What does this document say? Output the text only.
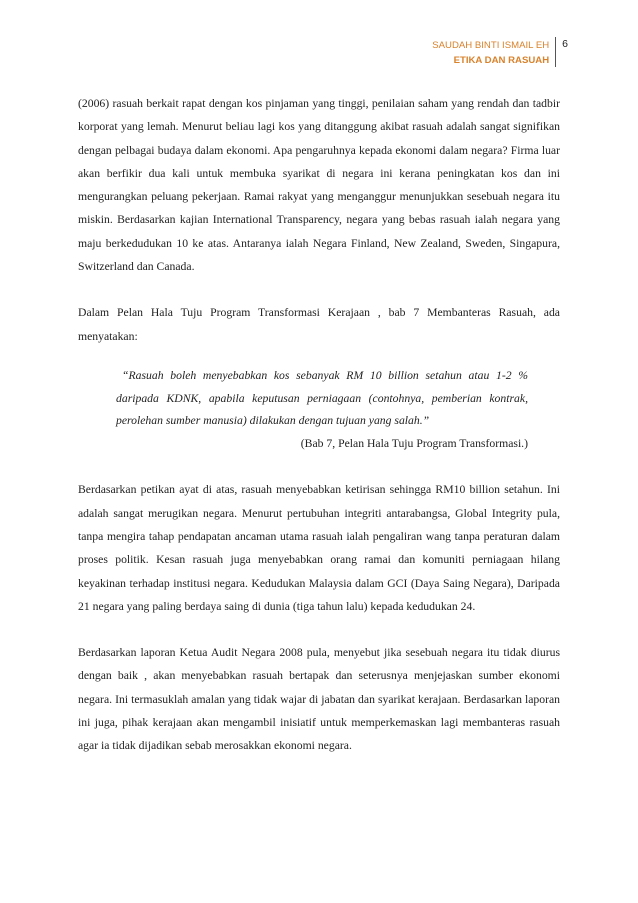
SAUDAH BINTI ISMAIL EH
ETIKA DAN RASUAH
6

(2006) rasuah berkait rapat dengan kos pinjaman yang tinggi, penilaian saham yang rendah dan tadbir korporat yang lemah. Menurut beliau lagi kos yang ditanggung akibat rasuah adalah sangat signifikan dengan pelbagai budaya dalam ekonomi. Apa pengaruhnya kepada ekonomi dalam negara? Firma luar akan berfikir dua kali untuk membuka syarikat di negara ini kerana peningkatan kos dan ini mengurangkan peluang pekerjaan. Ramai rakyat yang menganggur menunjukkan sesebuah negara itu miskin. Berdasarkan kajian International Transparency, negara yang bebas rasuah ialah negara yang maju berkedudukan 10 ke atas. Antaranya ialah Negara Finland, New Zealand, Sweden, Singapura, Switzerland dan Canada.

Dalam Pelan Hala Tuju Program Transformasi Kerajaan , bab 7 Membanteras Rasuah, ada menyatakan:

“Rasuah boleh menyebabkan kos sebanyak RM 10 billion setahun atau 1-2 % daripada KDNK, apabila keputusan perniagaan (contohnya, pemberian kontrak, perolehan sumber manusia) dilakukan dengan tujuan yang salah.”

(Bab 7, Pelan Hala Tuju Program Transformasi.)

Berdasarkan petikan ayat di atas, rasuah menyebabkan ketirisan sehingga RM10 billion setahun. Ini adalah sangat merugikan negara. Menurut pertubuhan integriti antarabangsa, Global Integrity pula, tanpa mengira tahap pendapatan ancaman utama rasuah ialah pengaliran wang tanpa peraturan dalam proses politik. Kesan rasuah juga menyebabkan orang ramai dan komuniti perniagaan hilang keyakinan terhadap institusi negara. Kedudukan Malaysia dalam GCI (Daya Saing Negara), Daripada 21 negara yang paling berdaya saing di dunia (tiga tahun lalu) kepada kedudukan 24.

Berdasarkan laporan Ketua Audit Negara 2008 pula, menyebut jika sesebuah negara itu tidak diurus dengan baik , akan menyebabkan rasuah bertapak dan seterusnya menjejaskan sumber ekonomi negara. Ini termasuklah amalan yang tidak wajar di jabatan dan syarikat kerajaan. Berdasarkan laporan ini juga, pihak kerajaan akan mengambil inisiatif untuk memperkemaskan lagi membanteras rasuah agar ia tidak dijadikan sebab merosakkan ekonomi negara.
